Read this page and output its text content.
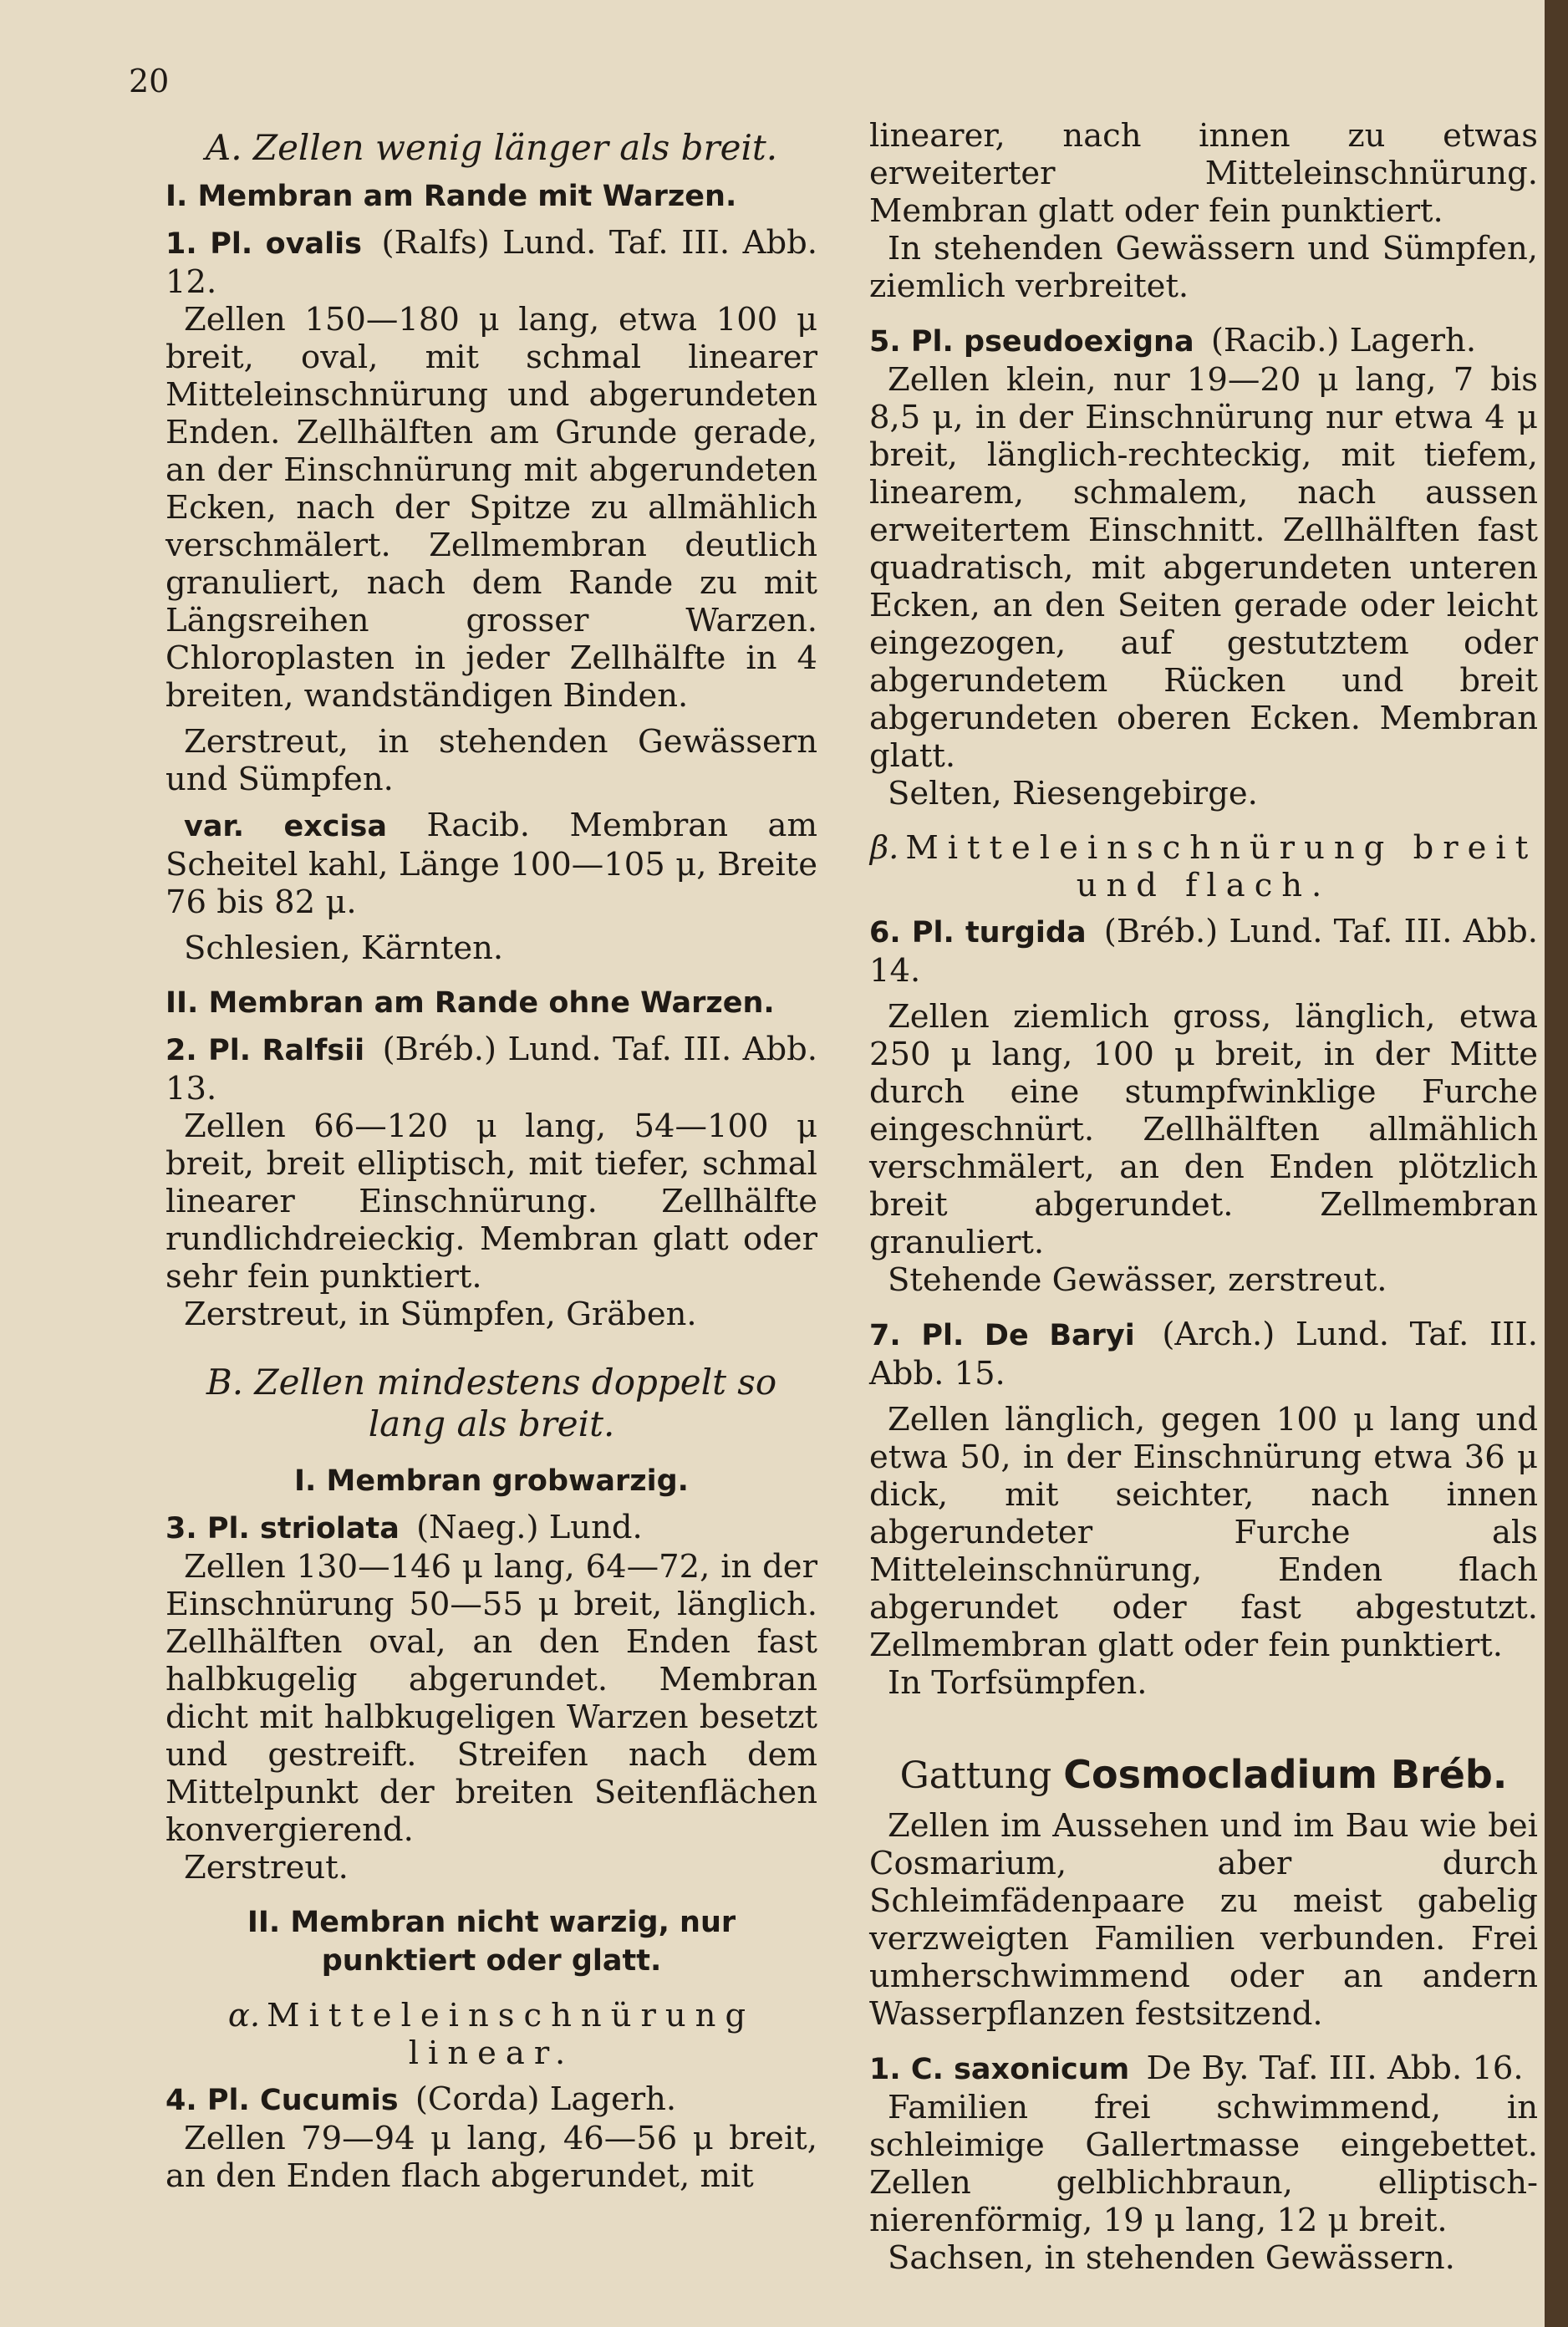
20

A. Zellen wenig länger als breit.

I. Membran am Rande mit Warzen.

1. Pl. ovalis (Ralfs) Lund. Taf. III. Abb. 12.

Zellen 150—180 μ lang, etwa 100 μ breit, oval, mit schmal linearer Mitteleinschnürung und abgerundeten Enden. Zellhälften am Grunde gerade, an der Einschnürung mit abgerundeten Ecken, nach der Spitze zu allmählich verschmälert. Zellmembran deutlich granuliert, nach dem Rande zu mit Längsreihen grosser Warzen. Chloroplasten in jeder Zellhälfte in 4 breiten, wandständigen Binden.

Zerstreut, in stehenden Gewässern und Sümpfen.

var. excisa Racib. Membran am Scheitel kahl, Länge 100—105 μ, Breite 76 bis 82 μ.

Schlesien, Kärnten.

II. Membran am Rande ohne Warzen.

2. Pl. Ralfsii (Bréb.) Lund. Taf. III. Abb. 13.

Zellen 66—120 μ lang, 54—100 μ breit, breit elliptisch, mit tiefer, schmal linearer Einschnürung. Zellhälfte rundlichdreieckig. Membran glatt oder sehr fein punktiert.

Zerstreut, in Sümpfen, Gräben.

B. Zellen mindestens doppelt so lang als breit.

I. Membran grobwarzig.

3. Pl. striolata (Naeg.) Lund.

Zellen 130—146 μ lang, 64—72, in der Einschnürung 50—55 μ breit, länglich. Zellhälften oval, an den Enden fast halbkugelig abgerundet. Membran dicht mit halbkugeligen Warzen besetzt und gestreift. Streifen nach dem Mittelpunkt der breiten Seitenflächen konvergierend.

Zerstreut.

II. Membran nicht warzig, nur punktiert oder glatt.

α. Mitteleinschnürung linear.

4. Pl. Cucumis (Corda) Lagerh.

Zellen 79—94 μ lang, 46—56 μ breit, an den Enden flach abgerundet, mit

linearer, nach innen zu etwas erweiterter Mitteleinschnürung. Membran glatt oder fein punktiert.

In stehenden Gewässern und Sümpfen, ziemlich verbreitet.

5. Pl. pseudoexigna (Racib.) Lagerh.

Zellen klein, nur 19—20 μ lang, 7 bis 8,5 μ, in der Einschnürung nur etwa 4 μ breit, länglich-rechteckig, mit tiefem, linearem, schmalem, nach aussen erweitertem Einschnitt. Zellhälften fast quadratisch, mit abgerundeten unteren Ecken, an den Seiten gerade oder leicht eingezogen, auf gestutztem oder abgerundetem Rücken und breit abgerundeten oberen Ecken. Membran glatt.

Selten, Riesengebirge.

β. Mitteleinschnürung breit und flach.

6. Pl. turgida (Bréb.) Lund. Taf. III. Abb. 14.

Zellen ziemlich gross, länglich, etwa 250 μ lang, 100 μ breit, in der Mitte durch eine stumpfwinklige Furche eingeschnürt. Zellhälften allmählich verschmälert, an den Enden plötzlich breit abgerundet. Zellmembran granuliert.

Stehende Gewässer, zerstreut.

7. Pl. De Baryi (Arch.) Lund. Taf. III. Abb. 15.

Zellen länglich, gegen 100 μ lang und etwa 50, in der Einschnürung etwa 36 μ dick, mit seichter, nach innen abgerundeter Furche als Mitteleinschnürung, Enden flach abgerundet oder fast abgestutzt. Zellmembran glatt oder fein punktiert.

In Torfsümpfen.

Gattung Cosmocladium Bréb.

Zellen im Aussehen und im Bau wie bei Cosmarium, aber durch Schleimfädenpaare zu meist gabelig verzweigten Familien verbunden. Frei umherschwimmend oder an andern Wasserpflanzen festsitzend.

1. C. saxonicum De By. Taf. III. Abb. 16.

Familien frei schwimmend, in schleimige Gallertmasse eingebettet. Zellen gelblichbraun, elliptisch-nierenförmig, 19 μ lang, 12 μ breit.

Sachsen, in stehenden Gewässern.
